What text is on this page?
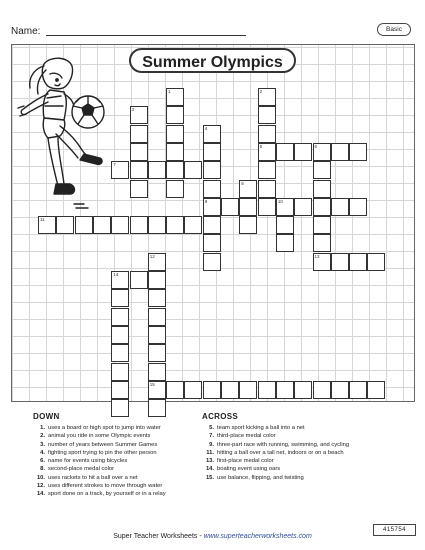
Name:	Basic
Summer Olympics
1	2
5
3
4
9
6
7
8
10
11
12
15
13
14
DOWN
1. uses a board or high spot to jump into water
2. animal you ride in some Olympic events
3. number of years between Summer Games
4. fighting sport trying to pin the other person
6. name for events using bicycles
8. second-place medal color
10. uses rackets to hit a ball over a net
12. uses different strokes to move through water
14. sport done on a track, by yourself or in a relay
ACROSS
5. team sport kicking a ball into a net
7. third-place medal color
9. three-part race with running, swimming, and cycling
11. hitting a ball over a tall net, indoors or on a beach
13. first-place medal color
14. boating event using oars
15. use balance, flipping, and twisting
Super Teacher Worksheets - www.superteacherworksheets.com
415754
